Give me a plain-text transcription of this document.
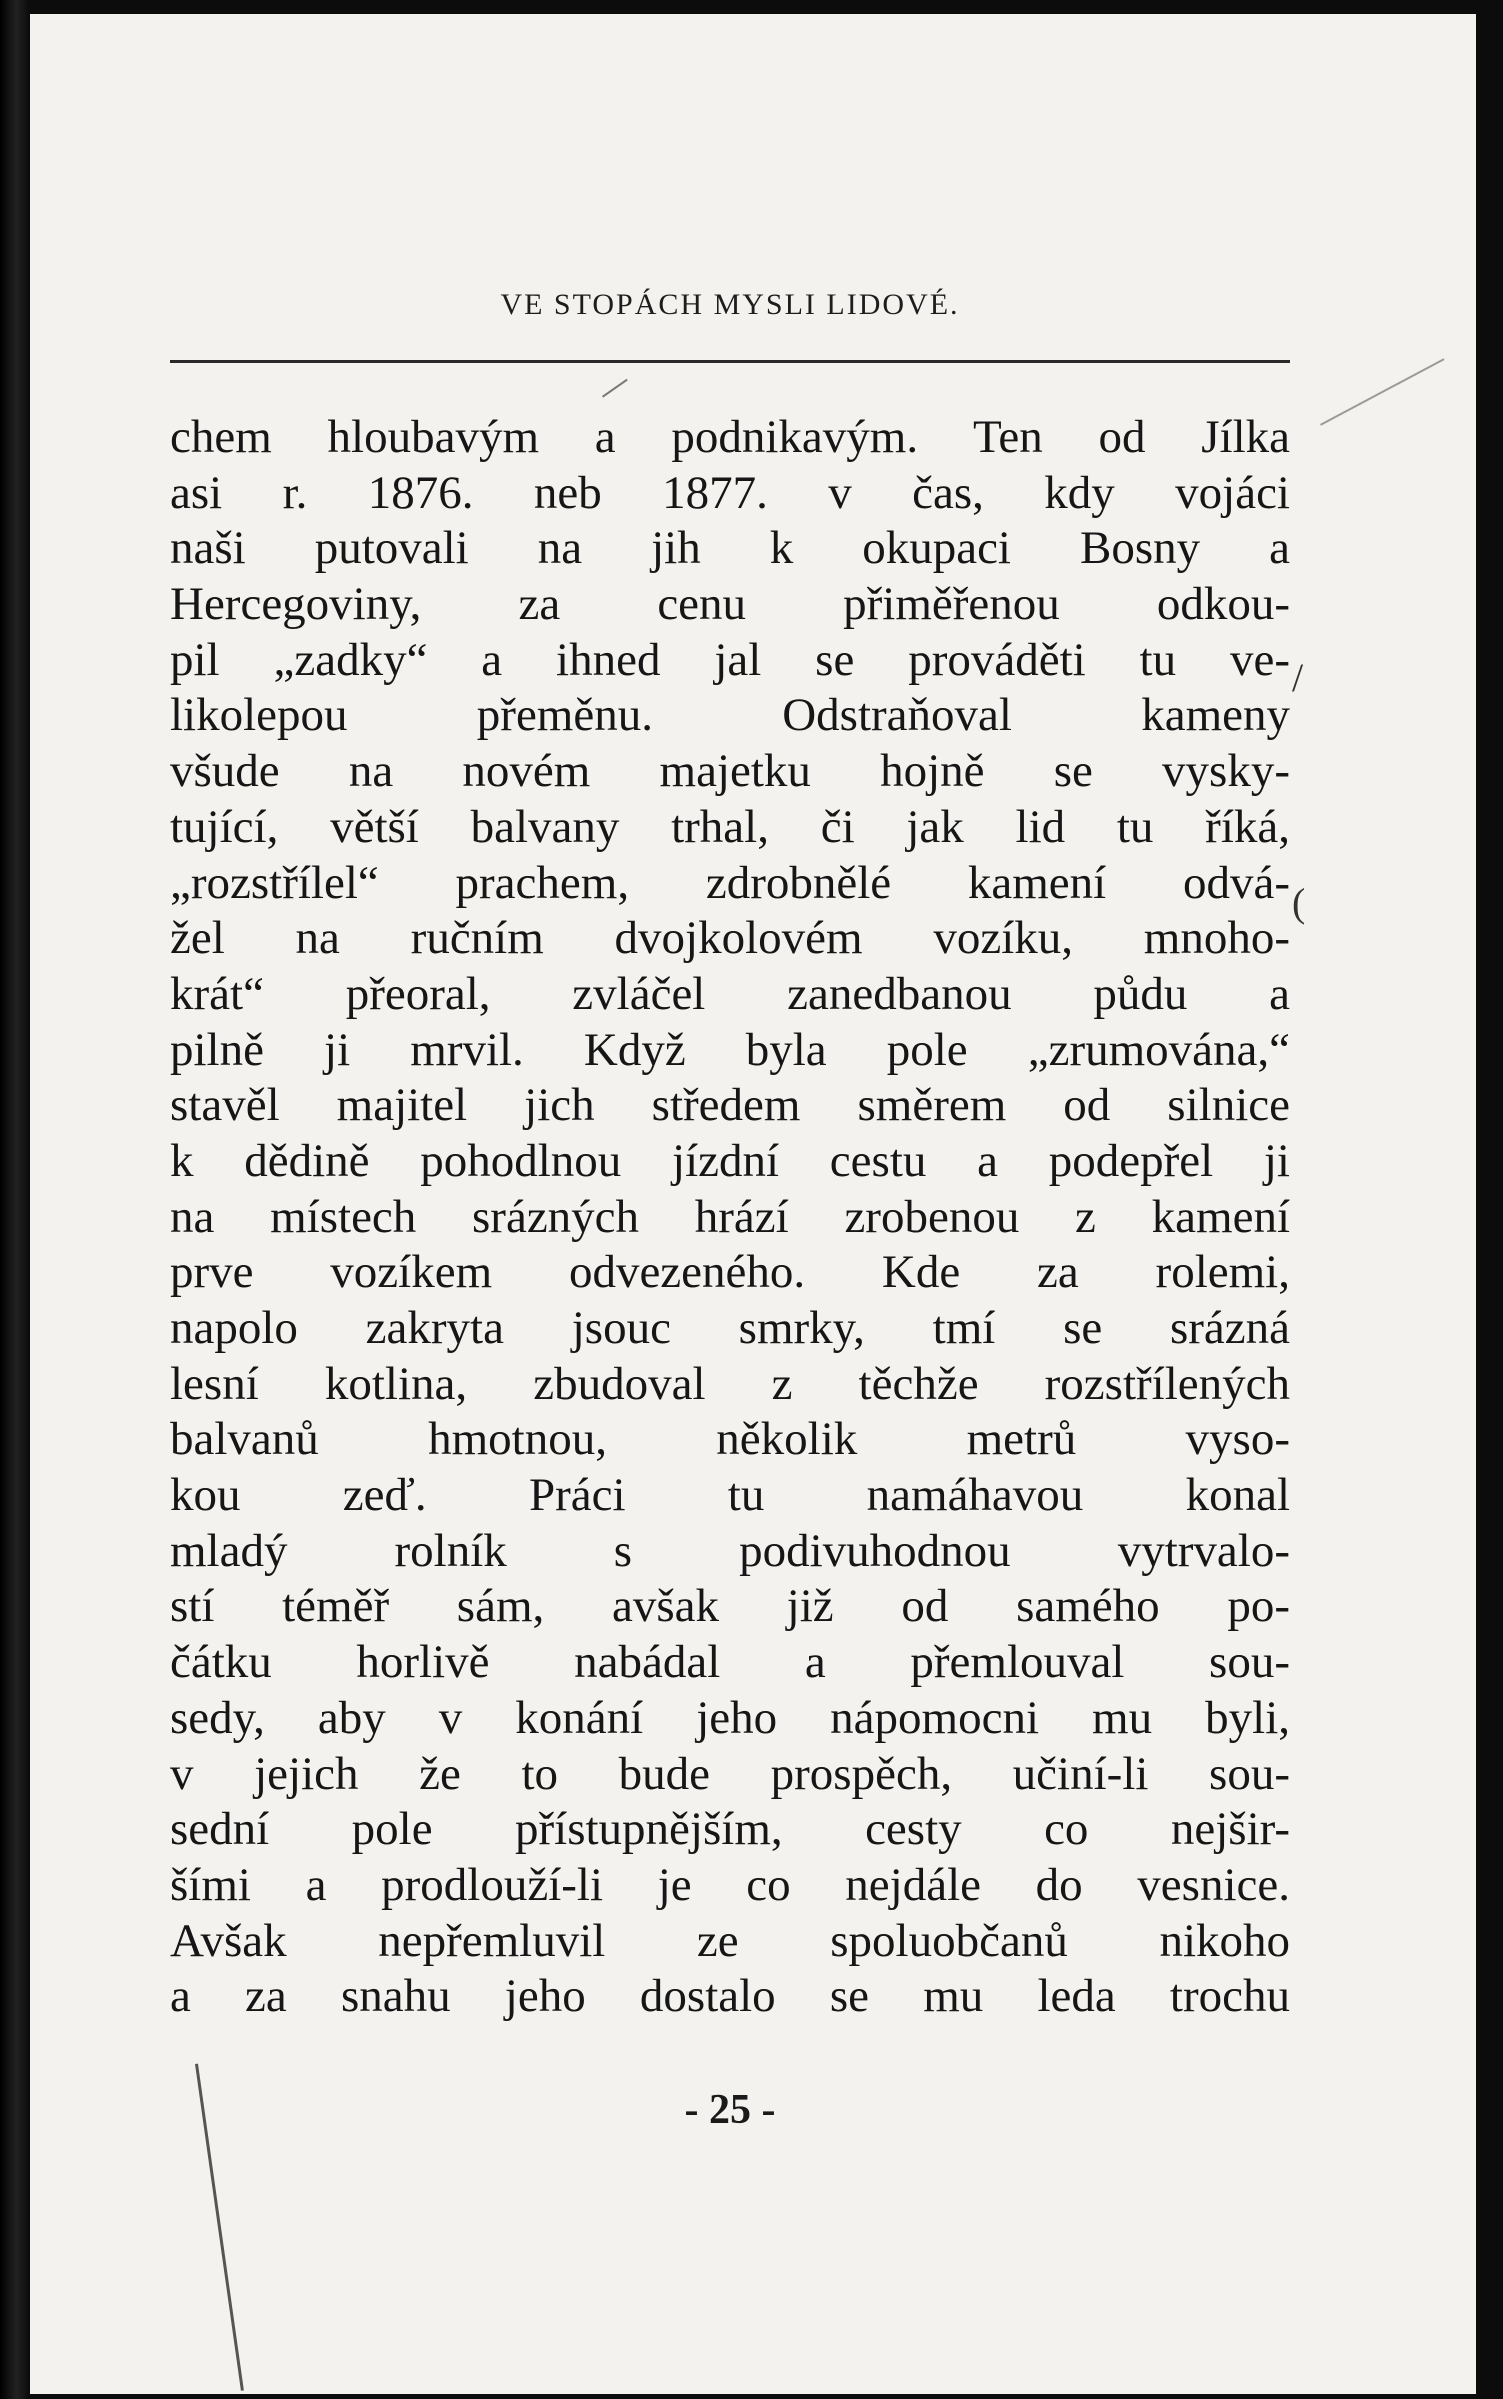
VE STOPÁCH MYSLI LIDOVÉ.
chem hloubavým a podnikavým. Ten od Jílka
asi r. 1876. neb 1877. v čas, kdy vojáci
naši putovali na jih k okupaci Bosny a
Hercegoviny, za cenu přiměřenou odkou-
pil „zadky“ a ihned jal se prováděti tu ve-
likolepou přeměnu. Odstraňoval kameny
všude na novém majetku hojně se vysky-
tující, větší balvany trhal, či jak lid tu říká,
„rozstřílel“ prachem, zdrobnělé kamení odvá-
žel na ručním dvojkolovém vozíku, mnoho-
krát“ přeoral, zvláčel zanedbanou půdu a
pilně ji mrvil. Když byla pole „zrumována,“
stavěl majitel jich středem směrem od silnice
k dědině pohodlnou jízdní cestu a podepřel ji
na místech srázných hrází zrobenou z kamení
prve vozíkem odvezeného. Kde za rolemi,
napolo zakryta jsouc smrky, tmí se srázná
lesní kotlina, zbudoval z těchže rozstřílených
balvanů hmotnou, několik metrů vyso-
kou zeď. Práci tu namáhavou konal
mladý rolník s podivuhodnou vytrvalo-
stí téměř sám, avšak již od samého po-
čátku horlivě nabádal a přemlouval sou-
sedy, aby v konání jeho nápomocni mu byli,
v jejich že to bude prospěch, učiní-li sou-
sední pole přístupnějším, cesty co nejšir-
šími a prodlouží-li je co nejdále do vesnice.
Avšak nepřemluvil ze spoluobčanů nikoho
a za snahu jeho dostalo se mu leda trochu
- 25 -
/
(
